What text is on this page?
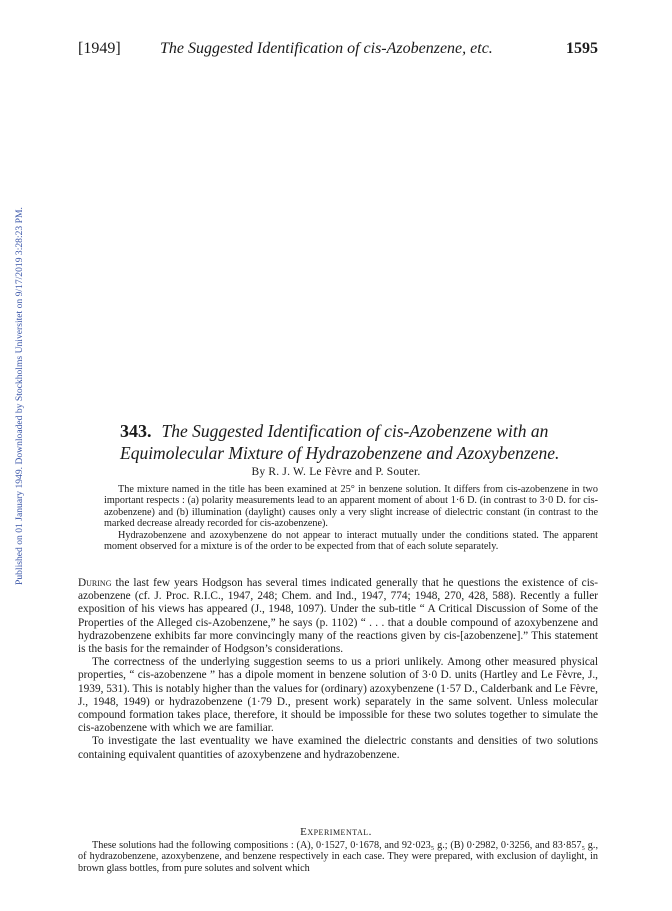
[1949] The Suggested Identification of cis-Azobenzene, etc.	1595
Published on 01 January 1949. Downloaded by Stockholms Universitet on 9/17/2019 3:28:23 PM.	343. The Suggested Identification of cis-Azobenzene with an
Equimolecular Mixture of Hydrazobenzene and Azoxybenzene.
By R. J. W. Le Fèvre and P. Souter.

The mixture named in the title has been examined at 25° in benzene solution. It differs from cis-azobenzene in two important respects : (a) polarity measurements lead to an apparent moment of about 1·6 D. (in contrast to 3·0 D. for cis-azobenzene) and (b) illumination (daylight) causes only a very slight increase of dielectric constant (in contrast to the marked decrease already recorded for cis-azobenzene).

Hydrazobenzene and azoxybenzene do not appear to interact mutually under the conditions stated. The apparent moment observed for a mixture is of the order to be expected from that of each solute separately.

During the last few years Hodgson has several times indicated generally that he questions the existence of cis-azobenzene (cf. J. Proc. R.I.C., 1947, 248; Chem. and Ind., 1947, 774; 1948, 270, 428, 588). Recently a fuller exposition of his views has appeared (J., 1948, 1097). Under the sub-title “ A Critical Discussion of Some of the Properties of the Alleged cis-Azobenzene,” he says (p. 1102) “ . . . that a double compound of azoxybenzene and hydrazobenzene exhibits far more convincingly many of the reactions given by cis-[azobenzene].” This statement is the basis for the remainder of Hodgson’s considerations.

The correctness of the underlying suggestion seems to us a priori unlikely. Among other measured physical properties, “ cis-azobenzene ” has a dipole moment in benzene solution of 3·0 D. units (Hartley and Le Fèvre, J., 1939, 531). This is notably higher than the values for (ordinary) azoxybenzene (1·57 D., Calderbank and Le Fèvre, J., 1948, 1949) or hydrazobenzene (1·79 D., present work) separately in the same solvent. Unless molecular compound formation takes place, therefore, it should be impossible for these two solutes together to simulate the cis-azobenzene with which we are familiar.

To investigate the last eventuality we have examined the dielectric constants and densities of two solutions containing equivalent quantities of azoxybenzene and hydrazobenzene.

Experimental.

These solutions had the following compositions : (A), 0·1527, 0·1678, and 92·023₅ g.; (B) 0·2982, 0·3256, and 83·857₅ g., of hydrazobenzene, azoxybenzene, and benzene respectively in each case. They were prepared, with exclusion of daylight, in brown glass bottles, from pure solutes and solvent which
